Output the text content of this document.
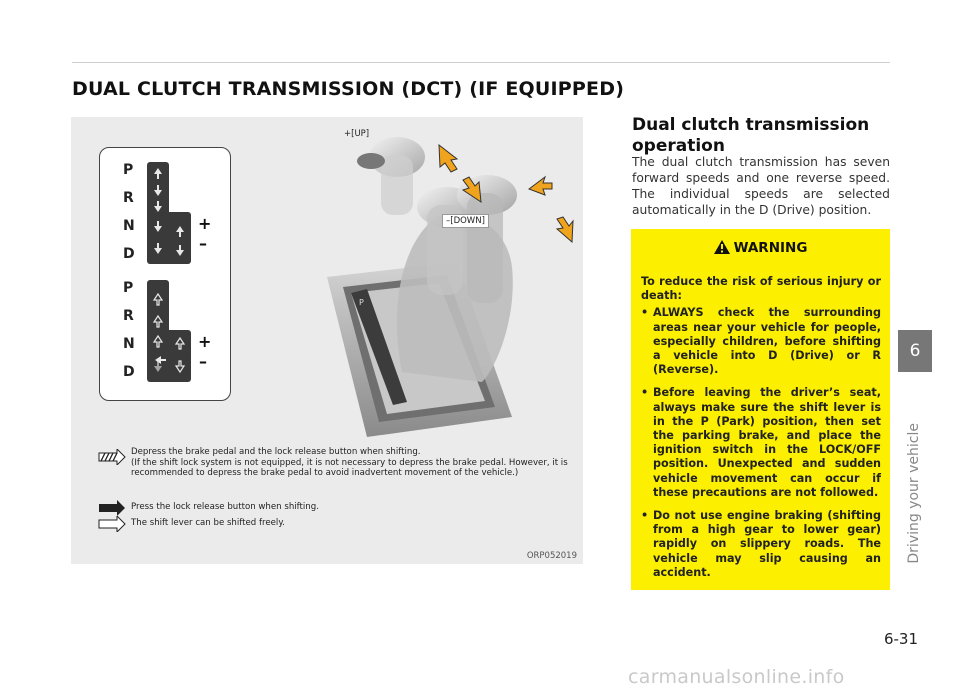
DUAL CLUTCH TRANSMISSION (DCT) (IF EQUIPPED)
P
R
N
D
+
–
P
R
N
D
+
–
P
+[UP]
–[DOWN]
Depress the brake pedal and the lock release button when shifting.
(If the shift lock system is not equipped, it is not necessary to depress the brake pedal. However, it is recommended to depress the brake pedal to avoid inadvertent movement of the vehicle.)
Press the lock release button when shifting.
The shift lever can be shifted freely.
ORP052019
Dual clutch transmission operation
The dual clutch transmission has seven forward speeds and one reverse speed. The individual speeds are selected automatically in the D (Drive) position.
WARNING

To reduce the risk of serious injury or death:

• ALWAYS check the surrounding areas near your vehicle for people, especially children, before shifting a vehicle into D (Drive) or R (Reverse).
• Before leaving the driver’s seat, always make sure the shift lever is in the P (Park) position, then set the parking brake, and place the ignition switch in the LOCK/OFF position. Unexpected and sudden vehicle movement can occur if these precautions are not followed.
• Do not use engine braking (shifting from a high gear to lower gear) rapidly on slippery roads. The vehicle may slip causing an accident.
6
Driving your vehicle
6-31
carmanualsonline.info
